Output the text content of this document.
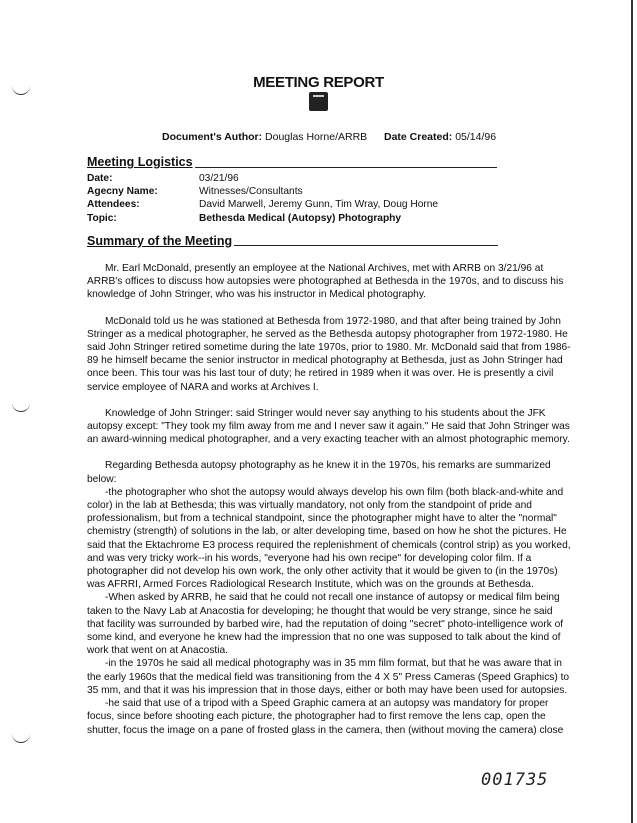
MEETING REPORT
Document's Author: Douglas Horne/ARRB Date Created: 05/14/96
Meeting Logistics
Date:	03/21/96
Agecny Name:	Witnesses/Consultants
Attendees:	David Marwell, Jeremy Gunn, Tim Wray, Doug Horne
Topic:	Bethesda Medical (Autopsy) Photography
Summary of the Meeting

Mr. Earl McDonald, presently an employee at the National Archives, met with ARRB on 3/21/96 at ARRB's offices to discuss how autopsies were photographed at Bethesda in the 1970s, and to discuss his knowledge of John Stringer, who was his instructor in Medical photography.

McDonald told us he was stationed at Bethesda from 1972-1980, and that after being trained by John Stringer as a medical photographer, he served as the Bethesda autopsy photographer from 1972-1980. He said John Stringer retired sometime during the late 1970s, prior to 1980. Mr. McDonald said that from 1986-89 he himself became the senior instructor in medical photography at Bethesda, just as John Stringer had once been. This tour was his last tour of duty; he retired in 1989 when it was over. He is presently a civil service employee of NARA and works at Archives I.

Knowledge of John Stringer: said Stringer would never say anything to his students about the JFK autopsy except: "They took my film away from me and I never saw it again." He said that John Stringer was an award-winning medical photographer, and a very exacting teacher with an almost photographic memory.

Regarding Bethesda autopsy photography as he knew it in the 1970s, his remarks are summarized below:

-the photographer who shot the autopsy would always develop his own film (both black-and-white and color) in the lab at Bethesda; this was virtually mandatory, not only from the standpoint of pride and professionalism, but from a technical standpoint, since the photographer might have to alter the "normal" chemistry (strength) of solutions in the lab, or alter developing time, based on how he shot the pictures. He said that the Ektachrome E3 process required the replenishment of chemicals (control strip) as you worked, and was very tricky work--in his words, "everyone had his own recipe" for developing color film. If a photographer did not develop his own work, the only other activity that it would be given to (in the 1970s) was AFRRI, Armed Forces Radiological Research Institute, which was on the grounds at Bethesda.

-When asked by ARRB, he said that he could not recall one instance of autopsy or medical film being taken to the Navy Lab at Anacostia for developing; he thought that would be very strange, since he said that facility was surrounded by barbed wire, had the reputation of doing "secret" photo-intelligence work of some kind, and everyone he knew had the impression that no one was supposed to talk about the kind of work that went on at Anacostia.

-in the 1970s he said all medical photography was in 35 mm film format, but that he was aware that in the early 1960s that the medical field was transitioning from the 4 X 5" Press Cameras (Speed Graphics) to 35 mm, and that it was his impression that in those days, either or both may have been used for autopsies.

-he said that use of a tripod with a Speed Graphic camera at an autopsy was mandatory for proper focus, since before shooting each picture, the photographer had to first remove the lens cap, open the shutter, focus the image on a pane of frosted glass in the camera, then (without moving the camera) close

001735
